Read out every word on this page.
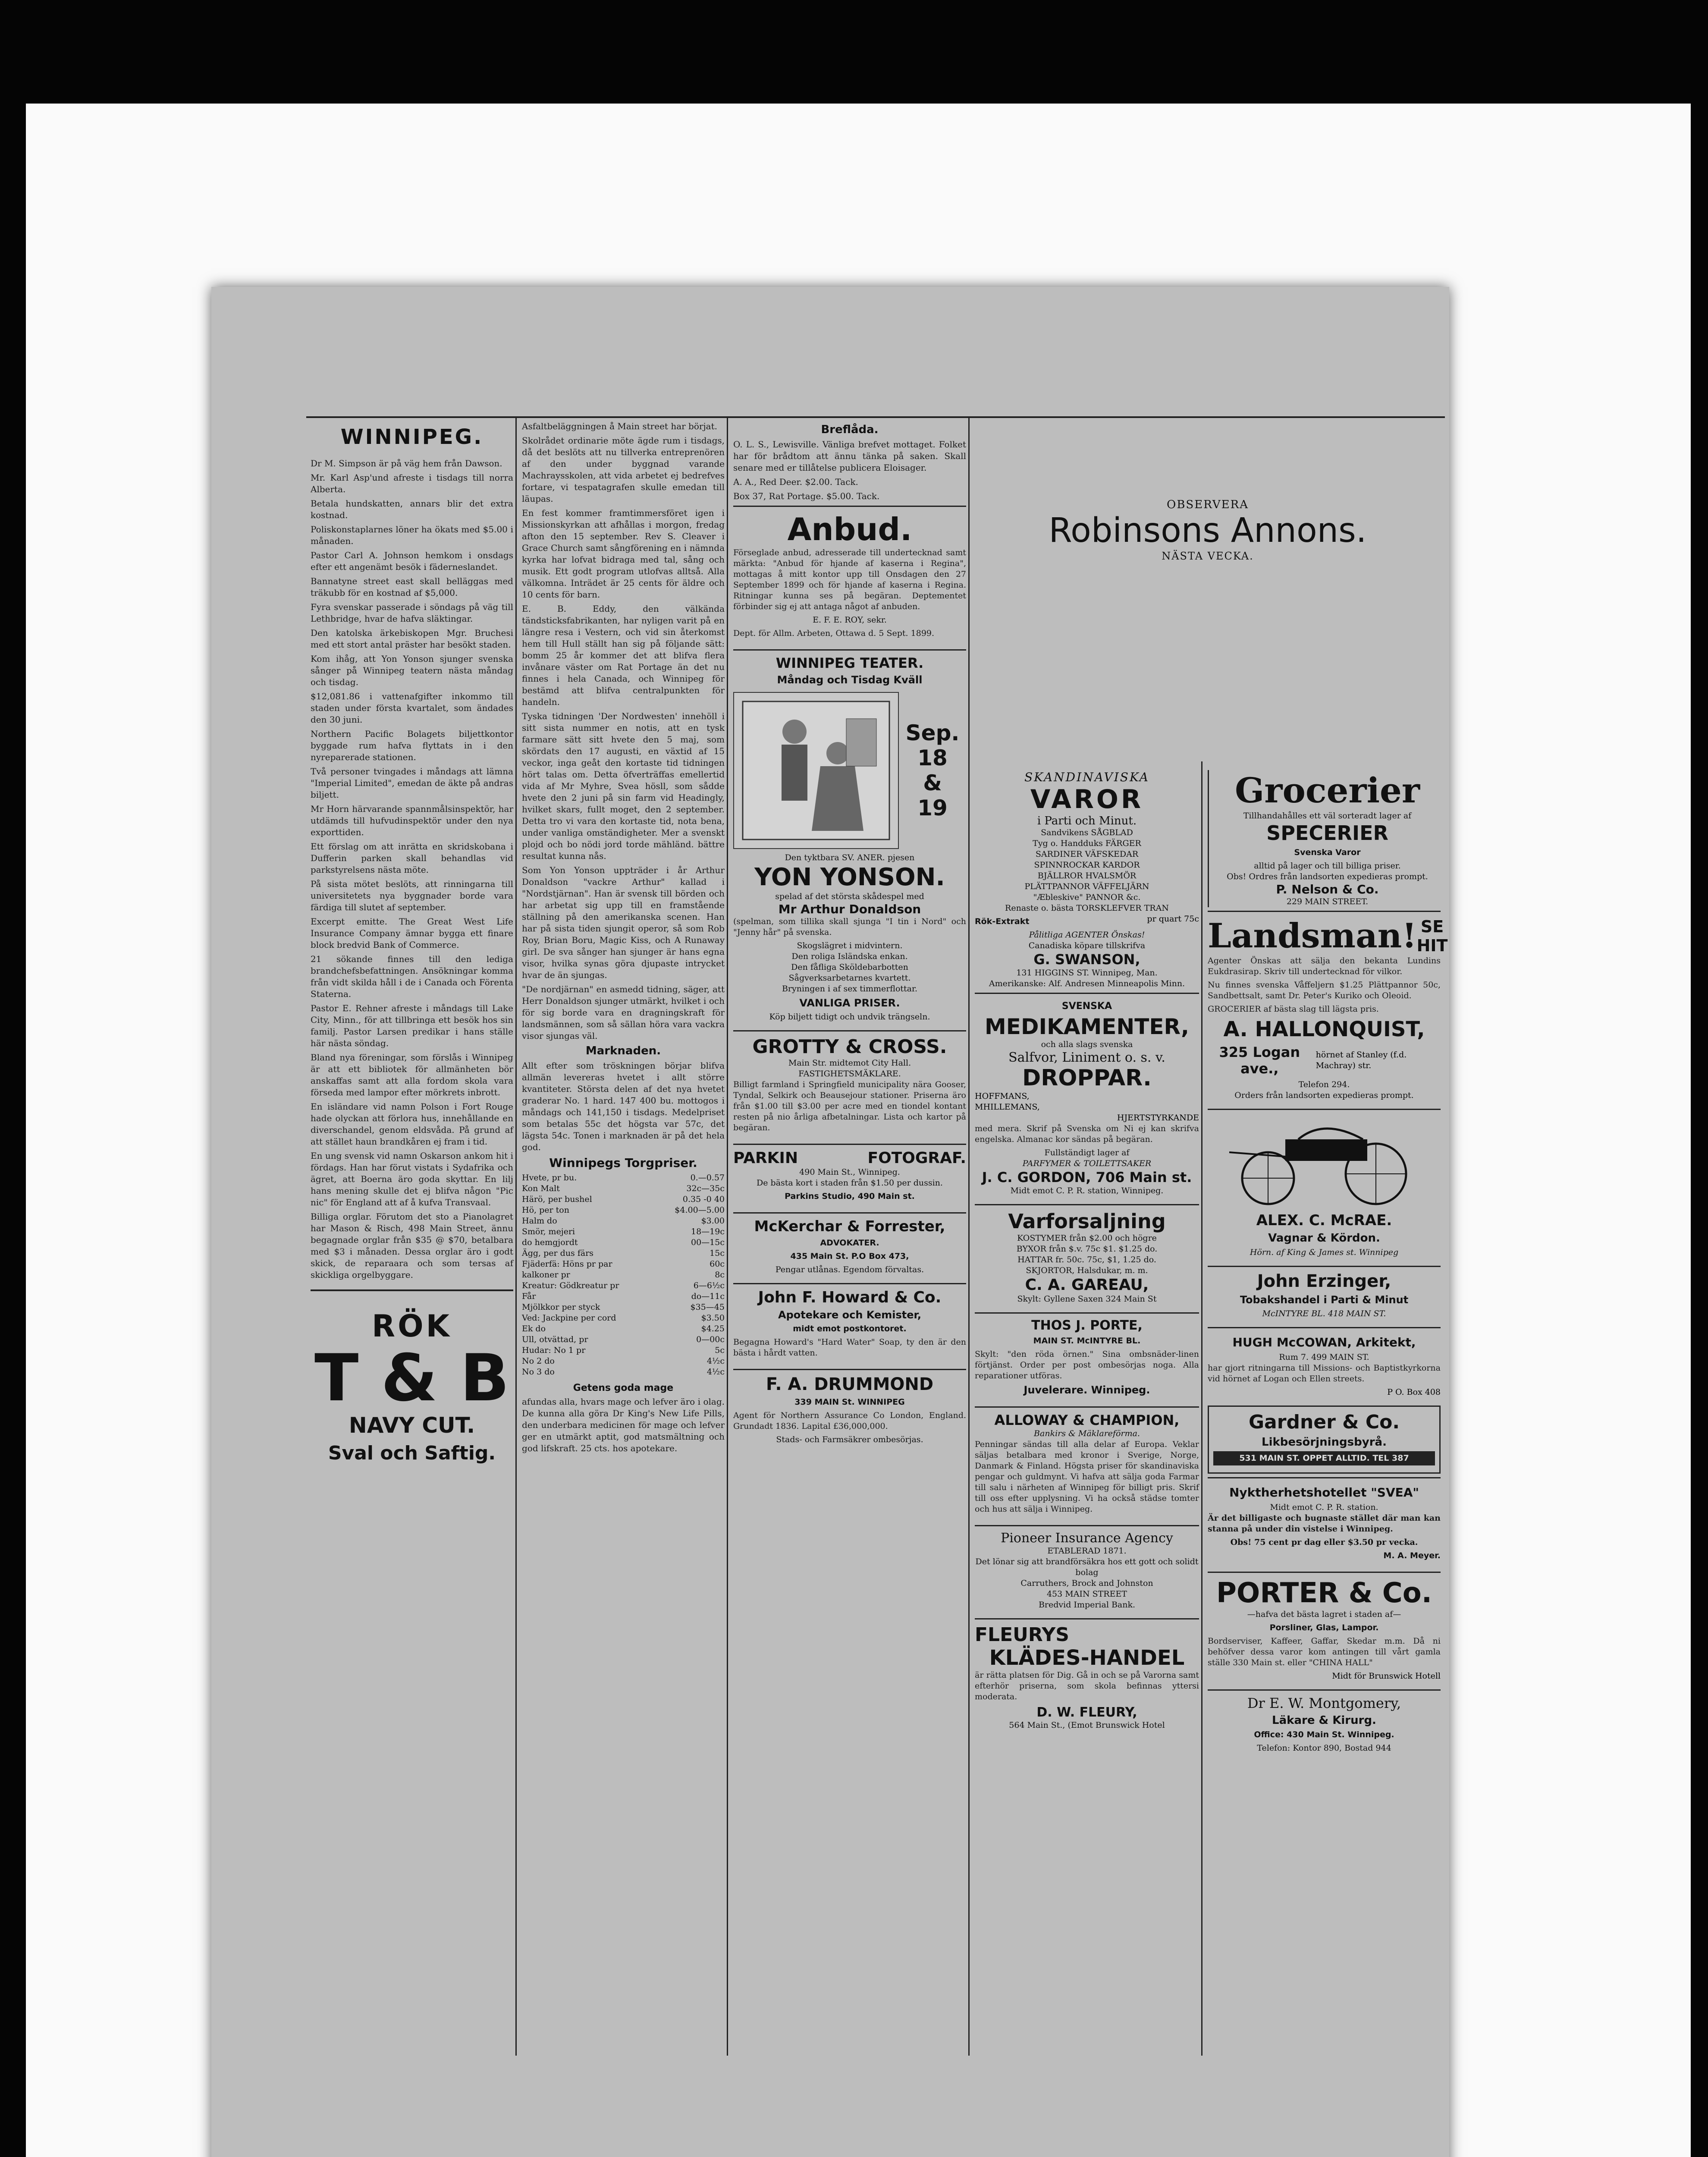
WINNIPEG.

Dr M. Simpson är på väg hem från Dawson.

Mr. Karl Asp'und afreste i tisdags till norra Alberta.

Betala hundskatten, annars blir det extra kostnad.

Poliskonstaplarnes löner ha ökats med $5.00 i månaden.

Pastor Carl A. Johnson hemkom i onsdags efter ett angenämt besök i fäderneslandet.

Bannatyne street east skall belläggas med träkubb för en kostnad af $5,000.

Fyra svenskar passerade i söndags på väg till Lethbridge, hvar de hafva släktingar.

Den katolska ärkebiskopen Mgr. Bruchesi med ett stort antal präster har besökt staden.

Kom ihåg, att Yon Yonson sjunger svenska sånger på Winnipeg teatern nästa måndag och tisdag.

$12,081.86 i vattenafgifter inkommo till staden under första kvartalet, som ändades den 30 juni.

Northern Pacific Bolagets biljettkontor byggade rum hafva flyttats in i den nyreparerade stationen.

Två personer tvingades i måndags att lämna "Imperial Limited", emedan de äkte på andras biljett.

Mr Horn härvarande spannmålsinspektör, har utdämds till hufvudinspektör under den nya exporttiden.

Ett förslag om att inrätta en skridskobana i Dufferin parken skall behandlas vid parkstyrelsens nästa möte.

På sista mötet beslöts, att rinningarna till universitetets nya byggnader borde vara färdiga till slutet af september.

Excerpt emitte. The Great West Life Insurance Company ämnar bygga ett finare block bredvid Bank of Commerce.

21 sökande finnes till den lediga brandchefsbefattningen. Ansökningar komma från vidt skilda håll i de i Canada och Förenta Staterna.

Pastor E. Rehner afreste i måndags till Lake City, Minn., för att tillbringa ett besök hos sin familj. Pastor Larsen predikar i hans ställe här nästa söndag.

Bland nya föreningar, som förslås i Winnipeg är att ett bibliotek för allmänheten bör anskaffas samt att alla fordom skola vara förseda med lampor efter mörkrets inbrott.

En isländare vid namn Polson i Fort Rouge hade olyckan att förlora hus, innehållande en diverschandel, genom eldsvåda. På grund af att stället haun brandkåren ej fram i tid.

En ung svensk vid namn Oskarson ankom hit i fördags. Han har förut vistats i Sydafrika och ägret, att Boerna äro goda skyttar. En lilj hans mening skulle det ej blifva någon "Pic nic" för England att af å kufva Transvaal.

Billiga orglar. Förutom det sto a Pianolagret har Mason & Risch, 498 Main Street, ännu begagnade orglar från $35 @ $70, betalbara med $3 i månaden. Dessa orglar äro i godt skick, de reparaara och som tersas af skickliga orgelbyggare.

RÖK
T & B
NAVY CUT.
Sval och Saftig.

Asfaltbeläggningen å Main street har börjat.

Skolrådet ordinarie möte ägde rum i tisdags, då det beslöts att nu tillverka entreprenören af den under byggnad varande Machraysskolen, att vida arbetet ej bedrefves fortare, vi tespatagrafen skulle emedan till läupas.

En fest kommer framtimmersföret igen i Missionskyrkan att afhållas i morgon, fredag afton den 15 september. Rev S. Cleaver i Grace Church samt sångförening en i nämnda kyrka har lofvat bidraga med tal, sång och musik. Ett godt program utlofvas alltså. Alla välkomna. Inträdet är 25 cents för äldre och 10 cents för barn.

E. B. Eddy, den välkända tändsticksfabrikanten, har nyligen varit på en längre resa i Vestern, och vid sin återkomst hem till Hull ställt han sig på följande sätt: bomm 25 år kommer det att blifva flera invånare väster om Rat Portage än det nu finnes i hela Canada, och Winnipeg för bestämd att blifva centralpunkten för handeln.

Tyska tidningen 'Der Nordwesten' innehöll i sitt sista nummer en notis, att en tysk farmare sätt sitt hvete den 5 maj, som skördats den 17 augusti, en växtid af 15 veckor, inga geåt den kortaste tid tidningen hört talas om. Detta öfverträffas emellertid vida af Mr Myhre, Svea hösll, som sådde hvete den 2 juni på sin farm vid Headingly, hvilket skars, fullt moget, den 2 september. Detta tro vi vara den kortaste tid, nota bena, under vanliga omständigheter. Mer a svenskt plojd och bo nödi jord torde mähländ. bättre resultat kunna nås.

Som Yon Yonson uppträder i år Arthur Donaldson "vackre Arthur" kallad i "Nordstjärnan". Han är svensk till börden och har arbetat sig upp till en framstående ställning på den amerikanska scenen. Han har på sista tiden sjungit operor, så som Rob Roy, Brian Boru, Magic Kiss, och A Runaway girl. De sva sånger han sjunger är hans egna visor, hvilka synas göra djupaste intrycket hvar de än sjungas.

"De nordjärnan" en asmedd tidning, säger, att Herr Donaldson sjunger utmärkt, hvilket i och för sig borde vara en dragningskraft för landsmännen, som så sällan höra vara vackra visor sjungas väl.

Marknaden.

Allt efter som tröskningen börjar blifva allmän levereras hvetet i allt större kvantiteter. Största delen af det nya hvetet graderar No. 1 hard. 147 400 bu. mottogos i måndags och 141,150 i tisdags. Medelpriset som betalas 55c det högsta var 57c, det lägsta 54c. Tonen i marknaden är på det hela god.

Winnipegs Torgpriser.
Hvete, pr bu.	0.—0.57
Kon Malt	32c—35c
Härö, per bushel	0.35 -0 40
Hö, per ton	$4.00—5.00
Halm do	$3.00
Smör, mejeri	18—19c
do hemgjordt	00—15c
Ägg, per dus färs	15c
Fjäderfä: Höns pr par	60c
kalkoner pr	8c
Kreatur: Gödkreatur pr	6—6½c
Får	do—11c
Mjölkkor per styck	$35—45
Ved: Jackpine per cord	$3.50
Ek do	$4.25
Ull, otvättad, pr	0—00c
Hudar: No 1 pr	5c
No 2 do	4½c
No 3 do	4½c
Getens goda mage

afundas alla, hvars mage och lefver äro i olag. De kunna alla göra Dr King's New Life Pills, den underbara medicinen för mage och lefver ger en utmärkt aptit, god matsmältning och god lifskraft. 25 cts. hos apotekare.

Breflåda.

O. L. S., Lewisville. Vänliga brefvet mottaget. Folket har för brådtom att ännu tänka på saken. Skall senare med er tillåtelse publicera Eloisager.

A. A., Red Deer. $2.00. Tack.

Box 37, Rat Portage. $5.00. Tack.

Anbud.

Förseglade anbud, adresserade till undertecknad samt märkta: "Anbud för hjande af kaserna i Regina", mottagas å mitt kontor upp till Onsdagen den 27 September 1899 och för hjande af kaserna i Regina. Ritningar kunna ses på begäran. Deptementet förbinder sig ej att antaga något af anbuden.

E. F. E. ROY, sekr.

Dept. för Allm. Arbeten, Ottawa d. 5 Sept. 1899.

WINNIPEG TEATER.
Måndag och Tisdag Kväll
Sep.
18
&
19
Den tyktbara SV. ANER. pjesen
YON YONSON.
spelad af det största skådespel med
Mr Arthur Donaldson

(spelman, som tillika skall sjunga "I tin i Nord" och "Jenny hår" på svenska.

Skogslägret i midvintern.
Den roliga Isländska enkan.
Den fåfliga Sköldebarbotten
Sågverksarbetarnes kvartett.
Bryningen i af sex timmerflottar.
VANLIGA PRISER.
Köp biljett tidigt och undvik trängseln.
GROTTY & CROSS.
Main Str. midtemot City Hall.
FASTIGHETSMÄKLARE.

Billigt farmland i Springfield municipality nära Gooser, Tyndal, Selkirk och Beausejour stationer. Priserna äro från $1.00 till $3.00 per acre med en tiondel kontant resten på nio årliga afbetalningar. Lista och kartor på begäran.

PARKIN	FOTOGRAF.
490 Main St., Winnipeg.
De bästa kort i staden från $1.50 per dussin.
Parkins Studio, 490 Main st.
McKerchar & Forrester,
ADVOKATER.
435 Main St. P.O Box 473,
Pengar utlånas. Egendom förvaltas.
John F. Howard & Co.
Apotekare och Kemister,
midt emot postkontoret.

Begagna Howard's "Hard Water" Soap, ty den är den bästa i hårdt vatten.

F. A. DRUMMOND
339 MAIN St. WINNIPEG

Agent för Northern Assurance Co London, England. Grundadt 1836. Lapital £36,000,000.

Stads- och Farmsäkrer ombesörjas.
SKANDINAVISKA
VAROR
i Parti och Minut.
Sandvikens SÅGBLAD
Tyg o. Handduks FÄRGER
SARDINER VÄFSKEDAR
SPINNROCKAR KARDOR
BJÄLLROR HVALSMÖR
PLÄTTPANNOR VÄFFELJÄRN
"Æbleskive" PANNOR &c.
Renaste o. bästa TORSKLEFVER TRAN
Rök-Extrakt	pr quart 75c
Pålitliga AGENTER Önskas!
Canadiska köpare tillskrifva
G. SWANSON,
131 HIGGINS ST. Winnipeg, Man.
Amerikanske: Alf. Andresen Minneapolis Minn.
SVENSKA
MEDIKAMENTER,
och alla slags svenska
Salfvor, Liniment o. s. v.
DROPPAR.
HOFFMANS,
MHILLEMANS,
HJERTSTYRKANDE

med mera. Skrif på Svenska om Ni ej kan skrifva engelska. Almanac kor sändas på begäran.

Fullständigt lager af
PARFYMER & TOILETTSAKER
J. C. GORDON, 706 Main st.
Midt emot C. P. R. station, Winnipeg.
Varforsaljning
KOSTYMER från $2.00 och högre
BYXOR från $.v. 75c $1. $1.25 do.
HATTAR fr. 50c. 75c, $1, 1.25 do.
SKJORTOR, Halsdukar, m. m.
C. A. GAREAU,
Skylt: Gyllene Saxen 324 Main St
THOS J. PORTE,
MAIN ST. McINTYRE BL.

Skylt: "den röda örnen." Sina ombsnäder-linen förtjänst. Order per post ombesörjas noga. Alla reparationer utföras.

Juvelerare. Winnipeg.
ALLOWAY & CHAMPION,
Bankirs & Mäklareförma.

Penningar sändas till alla delar af Europa. Veklar säljas betalbara med kronor i Sverige, Norge, Danmark & Finland. Högsta priser för skandinaviska pengar och guldmynt. Vi hafva att sälja goda Farmar till salu i närheten af Winnipeg för billigt pris. Skrif till oss efter upplysning. Vi ha också städse tomter och hus att sälja i Winnipeg.

Pioneer Insurance Agency
ETABLERAD 1871.
Det lönar sig att brandförsäkra hos ett gott och solidt bolag
Carruthers, Brock and Johnston
453 MAIN STREET
Bredvid Imperial Bank.
FLEURYS
KLÄDES-HANDEL

är rätta platsen för Dig. Gå in och se på Varorna samt efterhör priserna, som skola befinnas yttersi moderata.

D. W. FLEURY,
564 Main St., (Emot Brunswick Hotel
OBSERVERA
Robinsons Annons.
NÄSTA VECKA.
Grocerier
Tillhandahålles ett väl sorteradt lager af
SPECERIER
Svenska Varor
alltid på lager och till billiga priser.
Obs! Ordres från landsorten expedieras prompt.
P. Nelson & Co.
229 MAIN STREET.
Landsman! SE HIT

Agenter Önskas att sälja den bekanta Lundins Eukdrasirap. Skriv till undertecknad för vilkor.

Nu finnes svenska Våffeljern $1.25 Plättpannor 50c, Sandbettsalt, samt Dr. Peter's Kuriko och Oleoid.

GROCERIER af bästa slag till lägsta pris.

A. HALLONQUIST,
325 Logan ave.,
hörnet af Stanley (f.d. Machray) str.
Telefon 294.
Orders från landsorten expedieras prompt.
ALEX. C. McRAE.
Vagnar & Kördon.
Hörn. af King & James st. Winnipeg
John Erzinger,
Tobakshandel i Parti & Minut
McINTYRE BL. 418 MAIN ST.
HUGH McCOWAN, Arkitekt,
Rum 7. 499 MAIN ST.

har gjort ritningarna till Missions- och Baptistkyrkorna vid hörnet af Logan och Ellen streets.

P O. Box 408
Gardner & Co.
Likbesörjningsbyrå.
531 MAIN ST. OPPET ALLTID. TEL 387
Nyktherhetshotellet "SVEA"
Midt emot C. P. R. station.

Är det billigaste och bugnaste stället där man kan stanna på under din vistelse i Winnipeg.

Obs! 75 cent pr dag eller $3.50 pr vecka.
M. A. Meyer.
PORTER & Co.
—hafva det bästa lagret i staden af—
Porsliner, Glas, Lampor.

Bordserviser, Kaffeer, Gaffar, Skedar m.m. Då ni behöfver dessa varor kom antingen till vårt gamla ställe 330 Main st. eller "CHINA HALL"

Midt för Brunswick Hotell
Dr E. W. Montgomery,
Läkare & Kirurg.
Office: 430 Main St. Winnipeg.
Telefon: Kontor 890, Bostad 944
